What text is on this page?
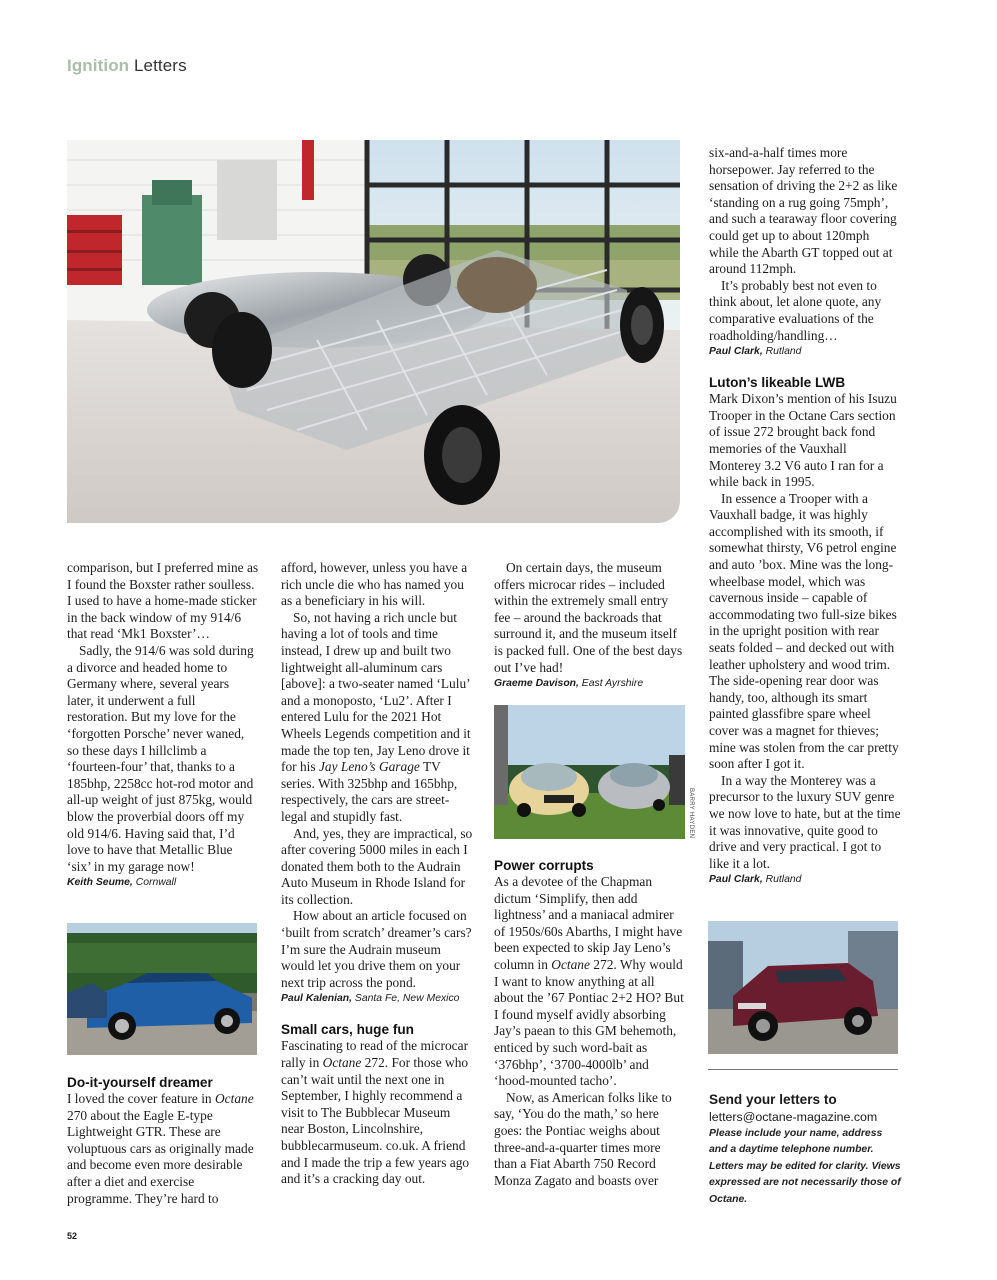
Ignition Letters

comparison, but I preferred mine as I found the Boxster rather soulless. I used to have a home-made sticker in the back window of my 914/6 that read ‘Mk1 Boxster’…

Sadly, the 914/6 was sold during a divorce and headed home to Germany where, several years later, it underwent a full restoration. But my love for the ‘forgotten Porsche’ never waned, so these days I hillclimb a ‘fourteen-four’ that, thanks to a 185bhp, 2258cc hot-rod motor and all-up weight of just 875kg, would blow the proverbial doors off my old 914/6. Having said that, I’d love to have that Metallic Blue ‘six’ in my garage now!

Keith Seume, Cornwall

Do-it-yourself dreamer

I loved the cover feature in Octane 270 about the Eagle E-type Lightweight GTR. These are voluptuous cars as originally made and become even more desirable after a diet and exercise programme. They’re hard to

afford, however, unless you have a rich uncle die who has named you as a beneficiary in his will.

So, not having a rich uncle but having a lot of tools and time instead, I drew up and built two lightweight all-aluminum cars [above]: a two-seater named ‘Lulu’ and a monoposto, ‘Lu2’. After I entered Lulu for the 2021 Hot Wheels Legends competition and it made the top ten, Jay Leno drove it for his Jay Leno’s Garage TV series. With 325bhp and 165bhp, respectively, the cars are street-legal and stupidly fast.

And, yes, they are impractical, so after covering 5000 miles in each I donated them both to the Audrain Auto Museum in Rhode Island for its collection.

How about an article focused on ‘built from scratch’ dreamer’s cars? I’m sure the Audrain museum would let you drive them on your next trip across the pond.

Paul Kalenian, Santa Fe, New Mexico

Small cars, huge fun

Fascinating to read of the microcar rally in Octane 272. For those who can’t wait until the next one in September, I highly recommend a visit to The Bubblecar Museum near Boston, Lincolnshire, bubblecarmuseum. co.uk. A friend and I made the trip a few years ago and it’s a cracking day out.

On certain days, the museum offers microcar rides – included within the extremely small entry fee – around the backroads that surround it, and the museum itself is packed full. One of the best days out I’ve had!

Graeme Davison, East Ayrshire

BARRY HAYDEN
Power corrupts

As a devotee of the Chapman dictum ‘Simplify, then add lightness’ and a maniacal admirer of 1950s/60s Abarths, I might have been expected to skip Jay Leno’s column in Octane 272. Why would I want to know anything at all about the ’67 Pontiac 2+2 HO? But I found myself avidly absorbing Jay’s paean to this GM behemoth, enticed by such word-bait as ‘376bhp’, ‘3700-4000lb’ and ‘hood-mounted tacho’.

Now, as American folks like to say, ‘You do the math,’ so here goes: the Pontiac weighs about three-and-a-quarter times more than a Fiat Abarth 750 Record Monza Zagato and boasts over

six-and-a-half times more horsepower. Jay referred to the sensation of driving the 2+2 as like ‘standing on a rug going 75mph’, and such a tearaway floor covering could get up to about 120mph while the Abarth GT topped out at around 112mph.

It’s probably best not even to think about, let alone quote, any comparative evaluations of the roadholding/handling…

Paul Clark, Rutland

Luton’s likeable LWB

Mark Dixon’s mention of his Isuzu Trooper in the Octane Cars section of issue 272 brought back fond memories of the Vauxhall Monterey 3.2 V6 auto I ran for a while back in 1995.

In essence a Trooper with a Vauxhall badge, it was highly accomplished with its smooth, if somewhat thirsty, V6 petrol engine and auto ’box. Mine was the long-wheelbase model, which was cavernous inside – capable of accommodating two full-size bikes in the upright position with rear seats folded – and decked out with leather upholstery and wood trim. The side-opening rear door was handy, too, although its smart painted glassfibre spare wheel cover was a magnet for thieves; mine was stolen from the car pretty soon after I got it.

In a way the Monterey was a precursor to the luxury SUV genre we now love to hate, but at the time it was innovative, quite good to drive and very practical. I got to like it a lot.

Paul Clark, Rutland

Send your letters to

letters@octane-magazine.com

Please include your name, address and a daytime telephone number. Letters may be edited for clarity. Views expressed are not necessarily those of Octane.

52
